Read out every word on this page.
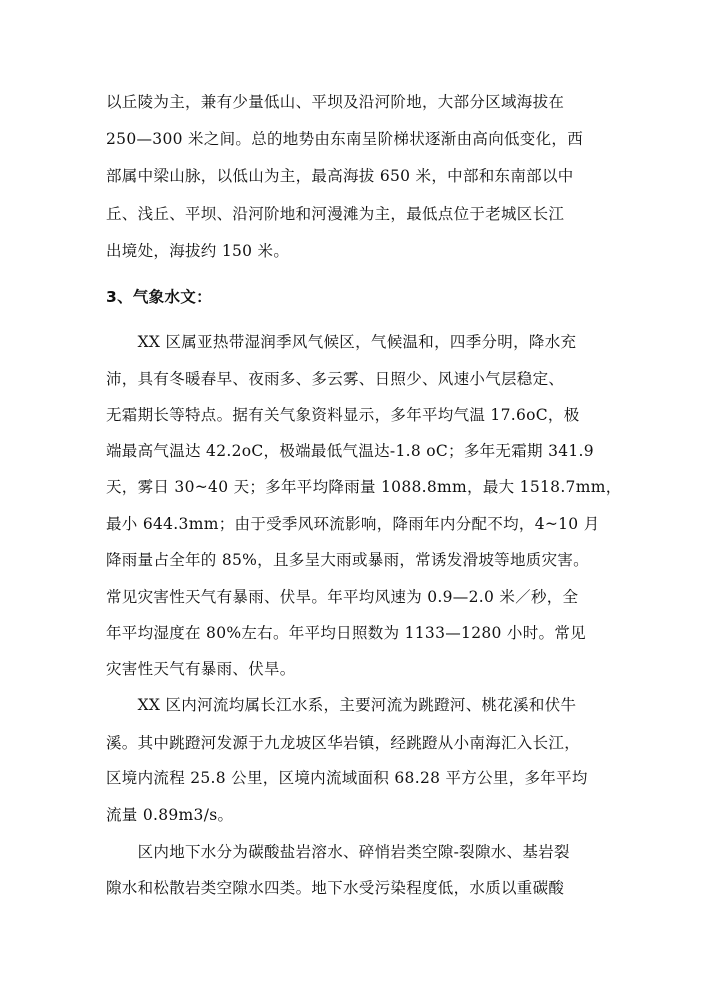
以丘陵为主，兼有少量低山、平坝及沿河阶地，大部分区域海拔在
250—300 米之间。总的地势由东南呈阶梯状逐渐由高向低变化，西
部属中梁山脉，以低山为主，最高海拔 650 米，中部和东南部以中
丘、浅丘、平坝、沿河阶地和河漫滩为主，最低点位于老城区长江
出境处，海拔约 150 米。
3、气象水文：
　　XX 区属亚热带湿润季风气候区，气候温和，四季分明，降水充
沛，具有冬暖春早、夜雨多、多云雾、日照少、风速小气层稳定、
无霜期长等特点。据有关气象资料显示，多年平均气温 17.6oC，极
端最高气温达 42.2oC，极端最低气温达-1.8 oC；多年无霜期 341.9
天，雾日 30~40 天；多年平均降雨量 1088.8mm，最大 1518.7mm，
最小 644.3mm；由于受季风环流影响，降雨年内分配不均，4~10 月
降雨量占全年的 85%，且多呈大雨或暴雨，常诱发滑坡等地质灾害。
常见灾害性天气有暴雨、伏旱。年平均风速为 0.9—2.0 米／秒，全
年平均湿度在 80%左右。年平均日照数为 1133—1280 小时。常见
灾害性天气有暴雨、伏旱。
　　XX 区内河流均属长江水系，主要河流为跳蹬河、桃花溪和伏牛
溪。其中跳蹬河发源于九龙坡区华岩镇，经跳蹬从小南海汇入长江，
区境内流程 25.8 公里，区境内流域面积 68.28 平方公里，多年平均
流量 0.89m3/s。
　　区内地下水分为碳酸盐岩溶水、碎悄岩类空隙-裂隙水、基岩裂
隙水和松散岩类空隙水四类。地下水受污染程度低，水质以重碳酸
